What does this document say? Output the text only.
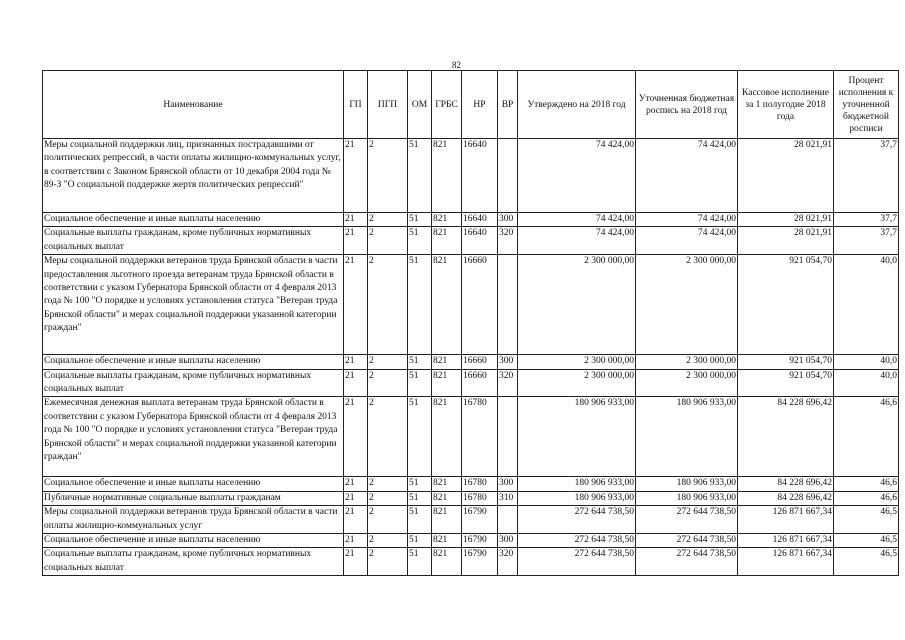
82
Наименование	ГП	ПГП	ОМ	ГРБС	НР	ВР	Утверждено на 2018 год	Уточненная бюджетная роспись на 2018 год	Кассовое исполнение за 1 полугодие 2018 года	Процент исполнения к уточненной бюджетной росписи
Меры социальной поддержки лиц, признанных пострадавшими от политических репрессий, в части оплаты жилищно-коммунальных услуг, в соответствии с Законом Брянской области от 10 декабря 2004 года № 89-З "О социальной поддержке жертв политических репрессий"	21	2	51	821	16640		74 424,00	74 424,00	28 021,91	37,7
Социальное обеспечение и иные выплаты населению	21	2	51	821	16640	300	74 424,00	74 424,00	28 021,91	37,7
Социальные выплаты гражданам, кроме публичных нормативных социальных выплат	21	2	51	821	16640	320	74 424,00	74 424,00	28 021,91	37,7
Меры социальной поддержки ветеранов труда Брянской области в части предоставления льготного проезда ветеранам труда Брянской области в соответствии с указом Губернатора Брянской области от 4 февраля 2013 года № 100 "О порядке и условиях установления статуса "Ветеран труда Брянской области" и мерах социальной поддержки указанной категории граждан"	21	2	51	821	16660		2 300 000,00	2 300 000,00	921 054,70	40,0
Социальное обеспечение и иные выплаты населению	21	2	51	821	16660	300	2 300 000,00	2 300 000,00	921 054,70	40,0
Социальные выплаты гражданам, кроме публичных нормативных социальных выплат	21	2	51	821	16660	320	2 300 000,00	2 300 000,00	921 054,70	40,0
Ежемесячная денежная выплата ветеранам труда Брянской области в соответствии с указом Губернатора Брянской области от 4 февраля 2013 года № 100 "О порядке и условиях установления статуса "Ветеран труда Брянской области" и мерах социальной поддержки указанной категории граждан"	21	2	51	821	16780		180 906 933,00	180 906 933,00	84 228 696,42	46,6
Социальное обеспечение и иные выплаты населению	21	2	51	821	16780	300	180 906 933,00	180 906 933,00	84 228 696,42	46,6
Публичные нормативные социальные выплаты гражданам	21	2	51	821	16780	310	180 906 933,00	180 906 933,00	84 228 696,42	46,6
Меры социальной поддержки ветеранов труда Брянской области в части оплаты жилищно-коммунальных услуг	21	2	51	821	16790		272 644 738,50	272 644 738,50	126 871 667,34	46,5
Социальное обеспечение и иные выплаты населению	21	2	51	821	16790	300	272 644 738,50	272 644 738,50	126 871 667,34	46,5
Социальные выплаты гражданам, кроме публичных нормативных социальных выплат	21	2	51	821	16790	320	272 644 738,50	272 644 738,50	126 871 667,34	46,5
